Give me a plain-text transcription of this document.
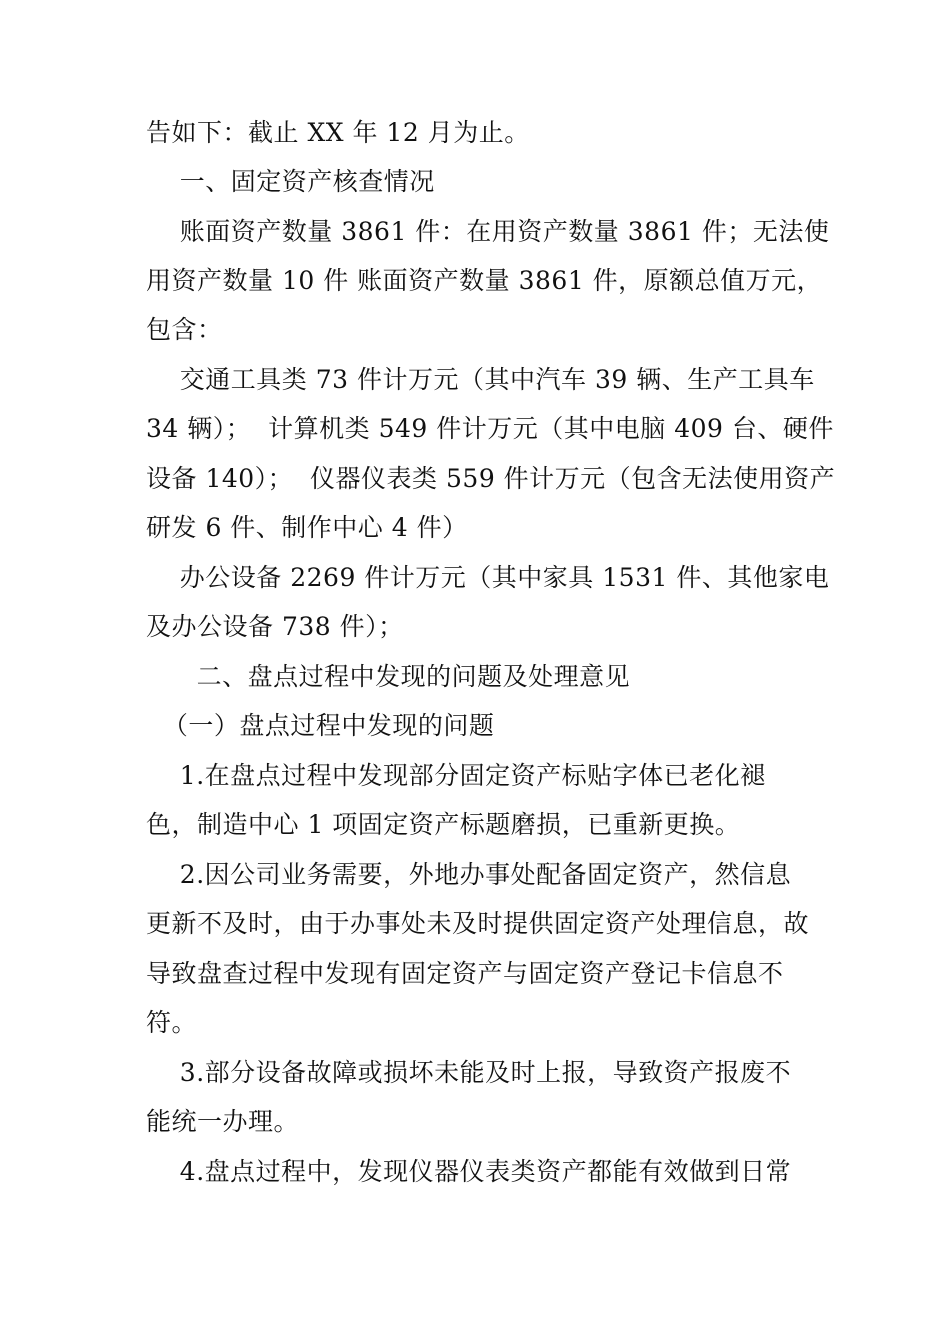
告如下：截止 XX 年 12 月为止。
一、固定资产核查情况
账面资产数量 3861 件：在用资产数量 3861 件；无法使
用资产数量 10 件 账面资产数量 3861 件，原额总值万元，
包含：
交通工具类 73 件计万元（其中汽车 39 辆、生产工具车
34 辆）；  计算机类 549 件计万元（其中电脑 409 台、硬件
设备 140）；  仪器仪表类 559 件计万元（包含无法使用资产
研发 6 件、制作中心 4 件）
办公设备 2269 件计万元（其中家具 1531 件、其他家电
及办公设备 738 件）；
二、盘点过程中发现的问题及处理意见
（一）盘点过程中发现的问题
1.在盘点过程中发现部分固定资产标贴字体已老化褪
色，制造中心 1 项固定资产标题磨损，已重新更换。
2.因公司业务需要，外地办事处配备固定资产，然信息
更新不及时，由于办事处未及时提供固定资产处理信息，故
导致盘查过程中发现有固定资产与固定资产登记卡信息不
符。
3.部分设备故障或损坏未能及时上报，导致资产报废不
能统一办理。
4.盘点过程中，发现仪器仪表类资产都能有效做到日常
